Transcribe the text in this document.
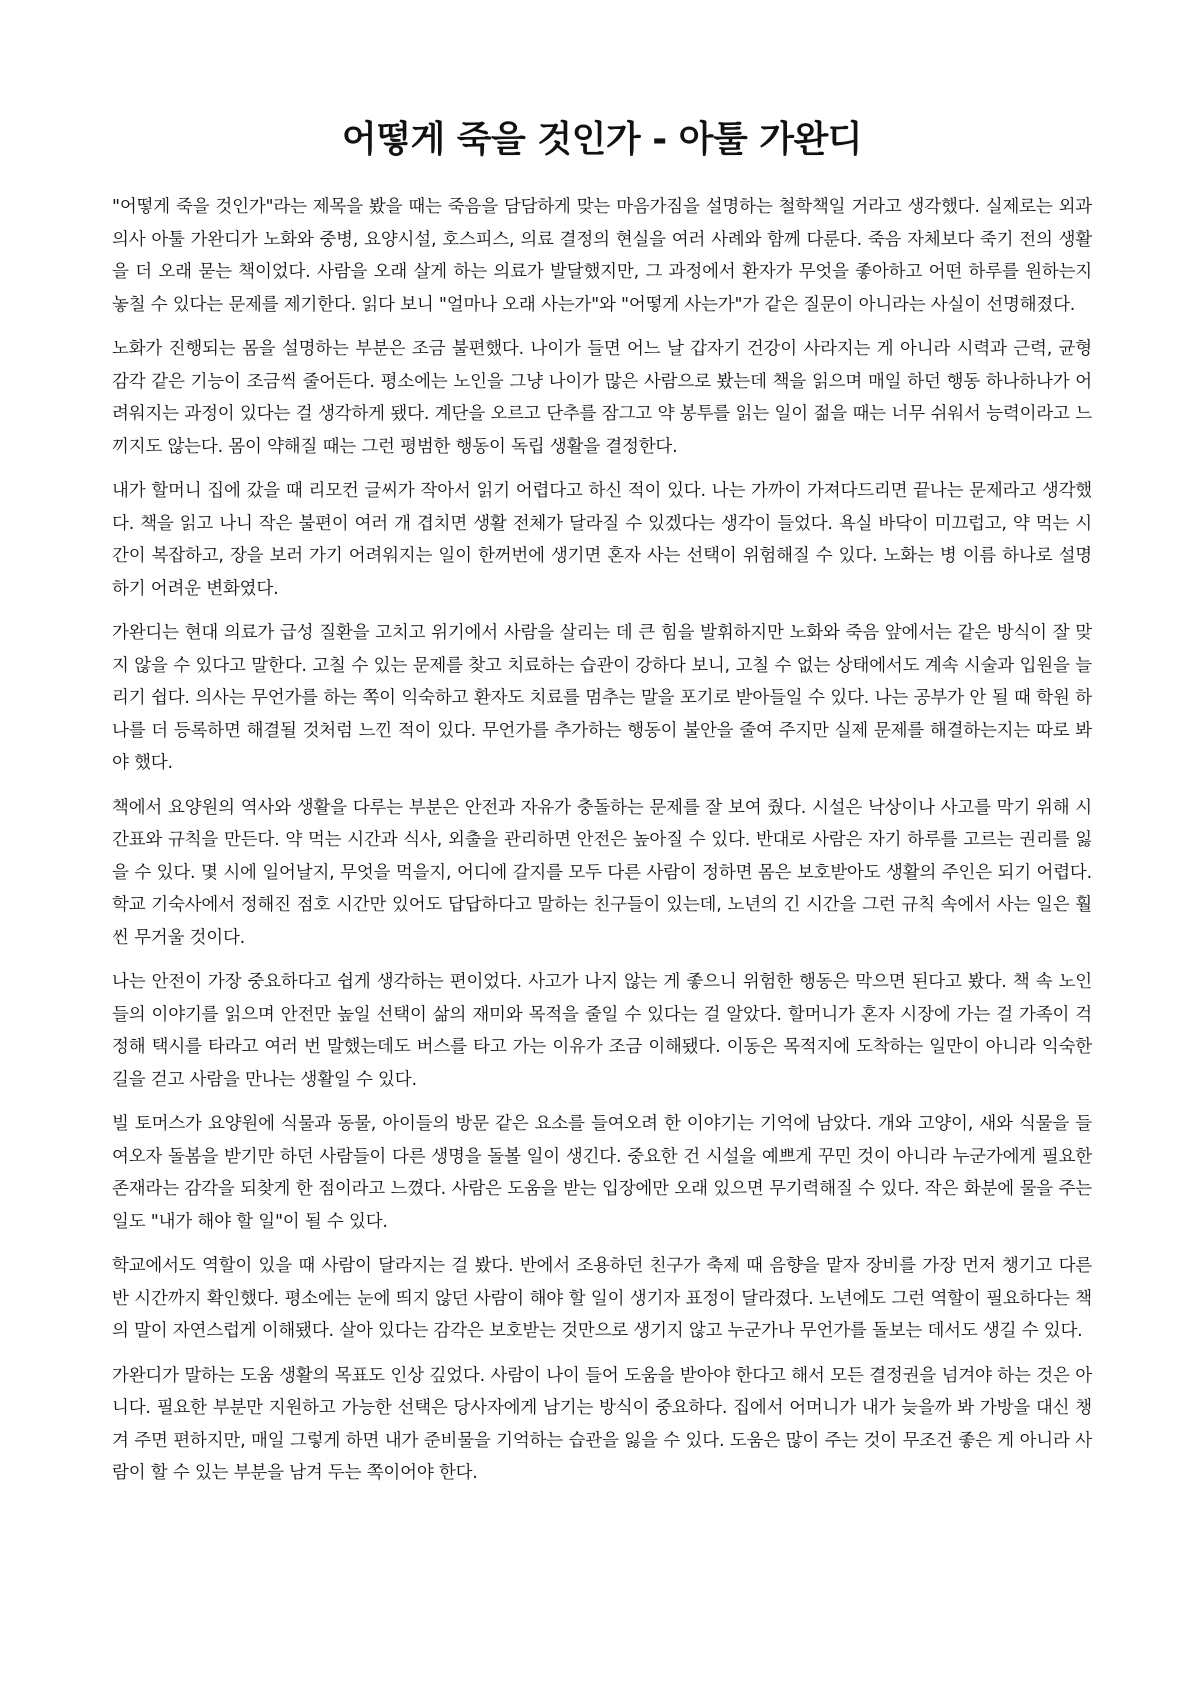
어떻게 죽을 것인가 - 아툴 가완디

"어떻게 죽을 것인가"라는 제목을 봤을 때는 죽음을 담담하게 맞는 마음가짐을 설명하는 철학책일 거라고 생각했다. 실제로는 외과의사 아툴 가완디가 노화와 중병, 요양시설, 호스피스, 의료 결정의 현실을 여러 사례와 함께 다룬다. 죽음 자체보다 죽기 전의 생활을 더 오래 묻는 책이었다. 사람을 오래 살게 하는 의료가 발달했지만, 그 과정에서 환자가 무엇을 좋아하고 어떤 하루를 원하는지 놓칠 수 있다는 문제를 제기한다. 읽다 보니 "얼마나 오래 사는가"와 "어떻게 사는가"가 같은 질문이 아니라는 사실이 선명해졌다.

노화가 진행되는 몸을 설명하는 부분은 조금 불편했다. 나이가 들면 어느 날 갑자기 건강이 사라지는 게 아니라 시력과 근력, 균형 감각 같은 기능이 조금씩 줄어든다. 평소에는 노인을 그냥 나이가 많은 사람으로 봤는데 책을 읽으며 매일 하던 행동 하나하나가 어려워지는 과정이 있다는 걸 생각하게 됐다. 계단을 오르고 단추를 잠그고 약 봉투를 읽는 일이 젊을 때는 너무 쉬워서 능력이라고 느끼지도 않는다. 몸이 약해질 때는 그런 평범한 행동이 독립 생활을 결정한다.

내가 할머니 집에 갔을 때 리모컨 글씨가 작아서 읽기 어렵다고 하신 적이 있다. 나는 가까이 가져다드리면 끝나는 문제라고 생각했다. 책을 읽고 나니 작은 불편이 여러 개 겹치면 생활 전체가 달라질 수 있겠다는 생각이 들었다. 욕실 바닥이 미끄럽고, 약 먹는 시간이 복잡하고, 장을 보러 가기 어려워지는 일이 한꺼번에 생기면 혼자 사는 선택이 위험해질 수 있다. 노화는 병 이름 하나로 설명하기 어려운 변화였다.

가완디는 현대 의료가 급성 질환을 고치고 위기에서 사람을 살리는 데 큰 힘을 발휘하지만 노화와 죽음 앞에서는 같은 방식이 잘 맞지 않을 수 있다고 말한다. 고칠 수 있는 문제를 찾고 치료하는 습관이 강하다 보니, 고칠 수 없는 상태에서도 계속 시술과 입원을 늘리기 쉽다. 의사는 무언가를 하는 쪽이 익숙하고 환자도 치료를 멈추는 말을 포기로 받아들일 수 있다. 나는 공부가 안 될 때 학원 하나를 더 등록하면 해결될 것처럼 느낀 적이 있다. 무언가를 추가하는 행동이 불안을 줄여 주지만 실제 문제를 해결하는지는 따로 봐야 했다.

책에서 요양원의 역사와 생활을 다루는 부분은 안전과 자유가 충돌하는 문제를 잘 보여 줬다. 시설은 낙상이나 사고를 막기 위해 시간표와 규칙을 만든다. 약 먹는 시간과 식사, 외출을 관리하면 안전은 높아질 수 있다. 반대로 사람은 자기 하루를 고르는 권리를 잃을 수 있다. 몇 시에 일어날지, 무엇을 먹을지, 어디에 갈지를 모두 다른 사람이 정하면 몸은 보호받아도 생활의 주인은 되기 어렵다. 학교 기숙사에서 정해진 점호 시간만 있어도 답답하다고 말하는 친구들이 있는데, 노년의 긴 시간을 그런 규칙 속에서 사는 일은 훨씬 무거울 것이다.

나는 안전이 가장 중요하다고 쉽게 생각하는 편이었다. 사고가 나지 않는 게 좋으니 위험한 행동은 막으면 된다고 봤다. 책 속 노인들의 이야기를 읽으며 안전만 높일 선택이 삶의 재미와 목적을 줄일 수 있다는 걸 알았다. 할머니가 혼자 시장에 가는 걸 가족이 걱정해 택시를 타라고 여러 번 말했는데도 버스를 타고 가는 이유가 조금 이해됐다. 이동은 목적지에 도착하는 일만이 아니라 익숙한 길을 걷고 사람을 만나는 생활일 수 있다.

빌 토머스가 요양원에 식물과 동물, 아이들의 방문 같은 요소를 들여오려 한 이야기는 기억에 남았다. 개와 고양이, 새와 식물을 들여오자 돌봄을 받기만 하던 사람들이 다른 생명을 돌볼 일이 생긴다. 중요한 건 시설을 예쁘게 꾸민 것이 아니라 누군가에게 필요한 존재라는 감각을 되찾게 한 점이라고 느꼈다. 사람은 도움을 받는 입장에만 오래 있으면 무기력해질 수 있다. 작은 화분에 물을 주는 일도 "내가 해야 할 일"이 될 수 있다.

학교에서도 역할이 있을 때 사람이 달라지는 걸 봤다. 반에서 조용하던 친구가 축제 때 음향을 맡자 장비를 가장 먼저 챙기고 다른 반 시간까지 확인했다. 평소에는 눈에 띄지 않던 사람이 해야 할 일이 생기자 표정이 달라졌다. 노년에도 그런 역할이 필요하다는 책의 말이 자연스럽게 이해됐다. 살아 있다는 감각은 보호받는 것만으로 생기지 않고 누군가나 무언가를 돌보는 데서도 생길 수 있다.

가완디가 말하는 도움 생활의 목표도 인상 깊었다. 사람이 나이 들어 도움을 받아야 한다고 해서 모든 결정권을 넘겨야 하는 것은 아니다. 필요한 부분만 지원하고 가능한 선택은 당사자에게 남기는 방식이 중요하다. 집에서 어머니가 내가 늦을까 봐 가방을 대신 챙겨 주면 편하지만, 매일 그렇게 하면 내가 준비물을 기억하는 습관을 잃을 수 있다. 도움은 많이 주는 것이 무조건 좋은 게 아니라 사람이 할 수 있는 부분을 남겨 두는 쪽이어야 한다.
